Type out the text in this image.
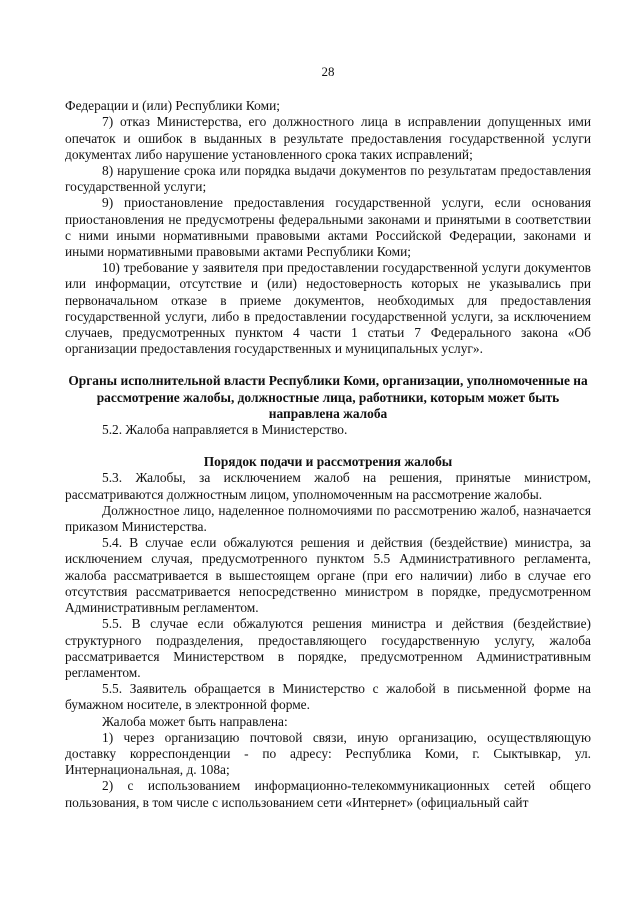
28

Федерации и (или) Республики Коми;

7) отказ Министерства, его должностного лица в исправлении допущенных ими опечаток и ошибок в выданных в результате предоставления государственной услуги документах либо нарушение установленного срока таких исправлений;

8) нарушение срока или порядка выдачи документов по результатам предоставления государственной услуги;

9) приостановление предоставления государственной услуги, если основания приостановления не предусмотрены федеральными законами и принятыми в соответствии с ними иными нормативными правовыми актами Российской Федерации, законами и иными нормативными правовыми актами Республики Коми;

10) требование у заявителя при предоставлении государственной услуги документов или информации, отсутствие и (или) недостоверность которых не указывались при первоначальном отказе в приеме документов, необходимых для предоставления государственной услуги, либо в предоставлении государственной услуги, за исключением случаев, предусмотренных пунктом 4 части 1 статьи 7 Федерального закона «Об организации предоставления государственных и муниципальных услуг».

Органы исполнительной власти Республики Коми, организации, уполномоченные на рассмотрение жалобы, должностные лица, работники, которым может быть направлена жалоба

5.2. Жалоба направляется в Министерство.

Порядок подачи и рассмотрения жалобы

5.3. Жалобы, за исключением жалоб на решения, принятые министром, рассматриваются должностным лицом, уполномоченным на рассмотрение жалобы.

Должностное лицо, наделенное полномочиями по рассмотрению жалоб, назначается приказом Министерства.

5.4. В случае если обжалуются решения и действия (бездействие) министра, за исключением случая, предусмотренного пунктом 5.5 Административного регламента, жалоба рассматривается в вышестоящем органе (при его наличии) либо в случае его отсутствия рассматривается непосредственно министром в порядке, предусмотренном Административным регламентом.

5.5. В случае если обжалуются решения министра и действия (бездействие) структурного подразделения, предоставляющего государственную услугу, жалоба рассматривается Министерством в порядке, предусмотренном Административным регламентом.

5.5. Заявитель обращается в Министерство с жалобой в письменной форме на бумажном носителе, в электронной форме.

Жалоба может быть направлена:

1) через организацию почтовой связи, иную организацию, осуществляющую доставку корреспонденции - по адресу: Республика Коми, г. Сыктывкар, ул. Интернациональная, д. 108а;

2) с использованием информационно-телекоммуникационных сетей общего пользования, в том числе с использованием сети «Интернет» (официальный сайт
